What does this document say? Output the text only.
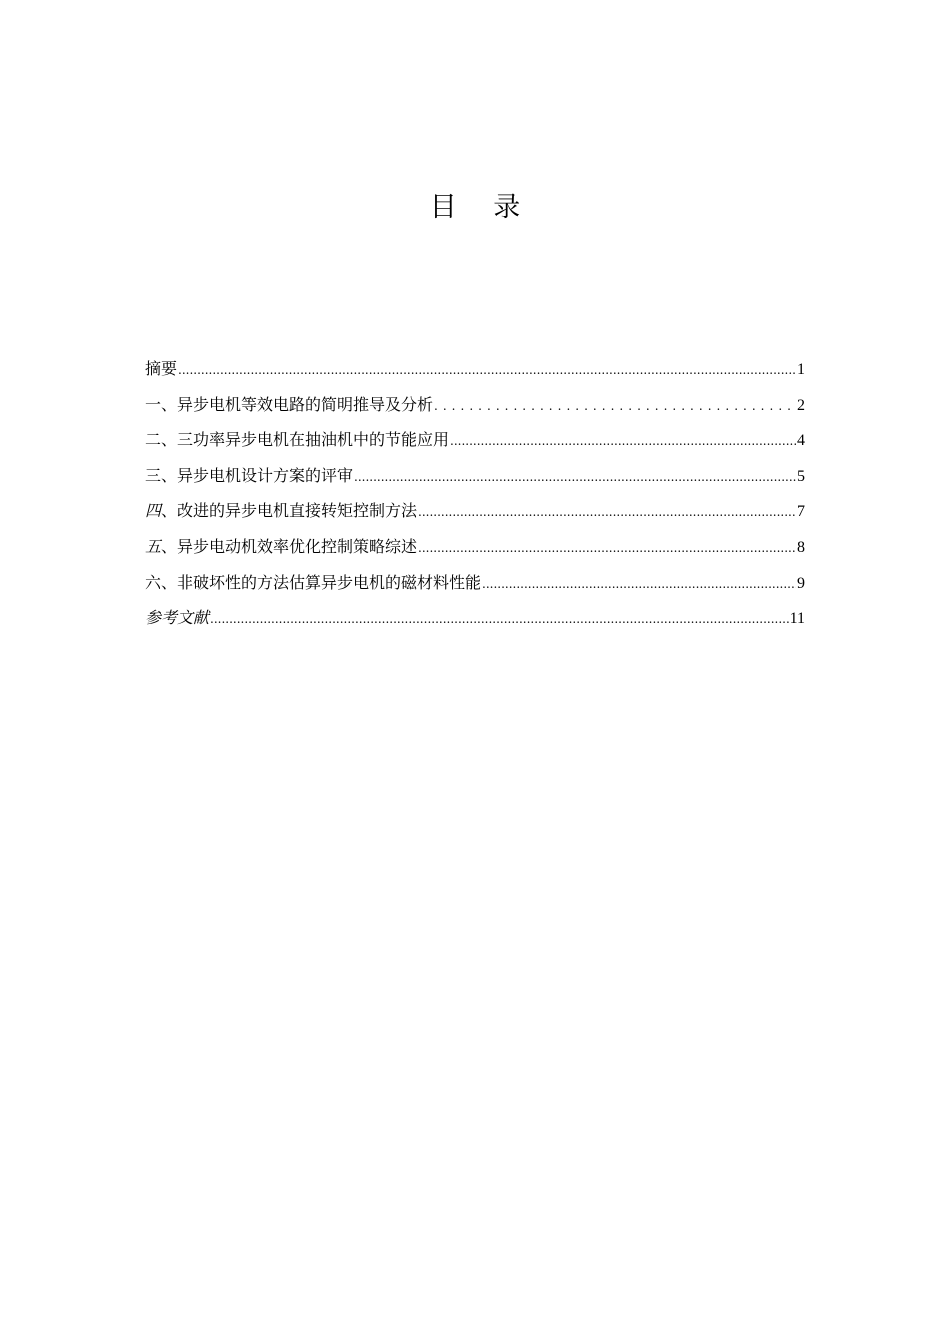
目 录
摘要 .....	1
一、异步电机等效电路的简明推导及分析 . . .	2
二、三功率异步电机在抽油机中的节能应用 .....	4
三、异步电机设计方案的评审 .....	5
四、改进的异步电机直接转矩控制方法 .....	7
五、异步电动机效率优化控制策略综述 .....	8
六、非破坏性的方法估算异步电机的磁材料性能 .....	9
参考文献 .....	11
